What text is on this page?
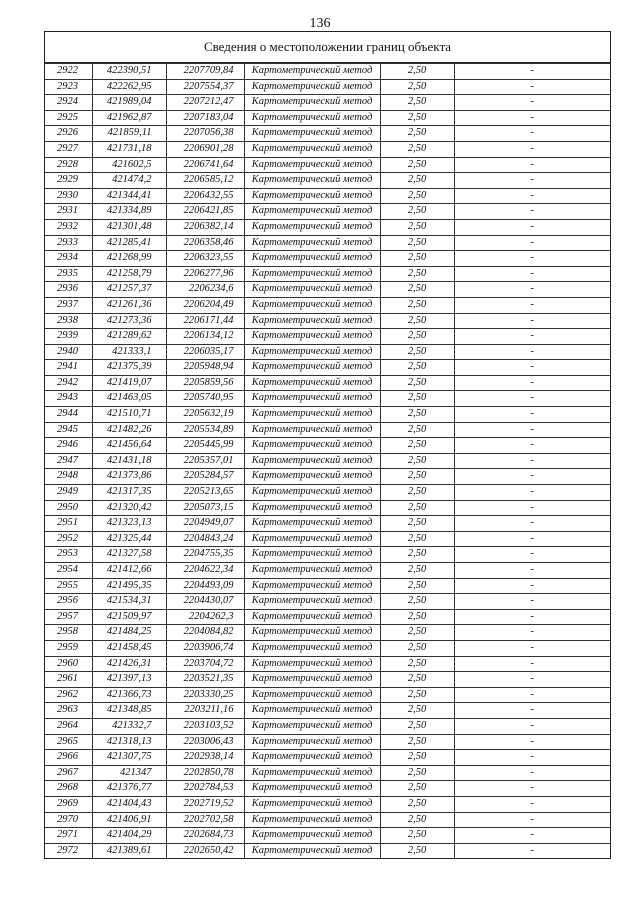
136
Сведения о местоположении границ объекта
2922	422390,51	2207709,84	Картометрический метод	2,50	-
2923	422262,95	2207554,37	Картометрический метод	2,50	-
2924	421989,04	2207212,47	Картометрический метод	2,50	-
2925	421962,87	2207183,04	Картометрический метод	2,50	-
2926	421859,11	2207056,38	Картометрический метод	2,50	-
2927	421731,18	2206901,28	Картометрический метод	2,50	-
2928	421602,5	2206741,64	Картометрический метод	2,50	-
2929	421474,2	2206585,12	Картометрический метод	2,50	-
2930	421344,41	2206432,55	Картометрический метод	2,50	-
2931	421334,89	2206421,85	Картометрический метод	2,50	-
2932	421301,48	2206382,14	Картометрический метод	2,50	-
2933	421285,41	2206358,46	Картометрический метод	2,50	-
2934	421268,99	2206323,55	Картометрический метод	2,50	-
2935	421258,79	2206277,96	Картометрический метод	2,50	-
2936	421257,37	2206234,6	Картометрический метод	2,50	-
2937	421261,36	2206204,49	Картометрический метод	2,50	-
2938	421273,36	2206171,44	Картометрический метод	2,50	-
2939	421289,62	2206134,12	Картометрический метод	2,50	-
2940	421333,1	2206035,17	Картометрический метод	2,50	-
2941	421375,39	2205948,94	Картометрический метод	2,50	-
2942	421419,07	2205859,56	Картометрический метод	2,50	-
2943	421463,05	2205740,95	Картометрический метод	2,50	-
2944	421510,71	2205632,19	Картометрический метод	2,50	-
2945	421482,26	2205534,89	Картометрический метод	2,50	-
2946	421456,64	2205445,99	Картометрический метод	2,50	-
2947	421431,18	2205357,01	Картометрический метод	2,50	-
2948	421373,86	2205284,57	Картометрический метод	2,50	-
2949	421317,35	2205213,65	Картометрический метод	2,50	-
2950	421320,42	2205073,15	Картометрический метод	2,50	-
2951	421323,13	2204949,07	Картометрический метод	2,50	-
2952	421325,44	2204843,24	Картометрический метод	2,50	-
2953	421327,58	2204755,35	Картометрический метод	2,50	-
2954	421412,66	2204622,34	Картометрический метод	2,50	-
2955	421495,35	2204493,09	Картометрический метод	2,50	-
2956	421534,31	2204430,07	Картометрический метод	2,50	-
2957	421509,97	2204262,3	Картометрический метод	2,50	-
2958	421484,25	2204084,82	Картометрический метод	2,50	-
2959	421458,45	2203906,74	Картометрический метод	2,50	-
2960	421426,31	2203704,72	Картометрический метод	2,50	-
2961	421397,13	2203521,35	Картометрический метод	2,50	-
2962	421366,73	2203330,25	Картометрический метод	2,50	-
2963	421348,85	2203211,16	Картометрический метод	2,50	-
2964	421332,7	2203103,52	Картометрический метод	2,50	-
2965	421318,13	2203006,43	Картометрический метод	2,50	-
2966	421307,75	2202938,14	Картометрический метод	2,50	-
2967	421347	2202850,78	Картометрический метод	2,50	-
2968	421376,77	2202784,53	Картометрический метод	2,50	-
2969	421404,43	2202719,52	Картометрический метод	2,50	-
2970	421406,91	2202702,58	Картометрический метод	2,50	-
2971	421404,29	2202684,73	Картометрический метод	2,50	-
2972	421389,61	2202650,42	Картометрический метод	2,50	-
